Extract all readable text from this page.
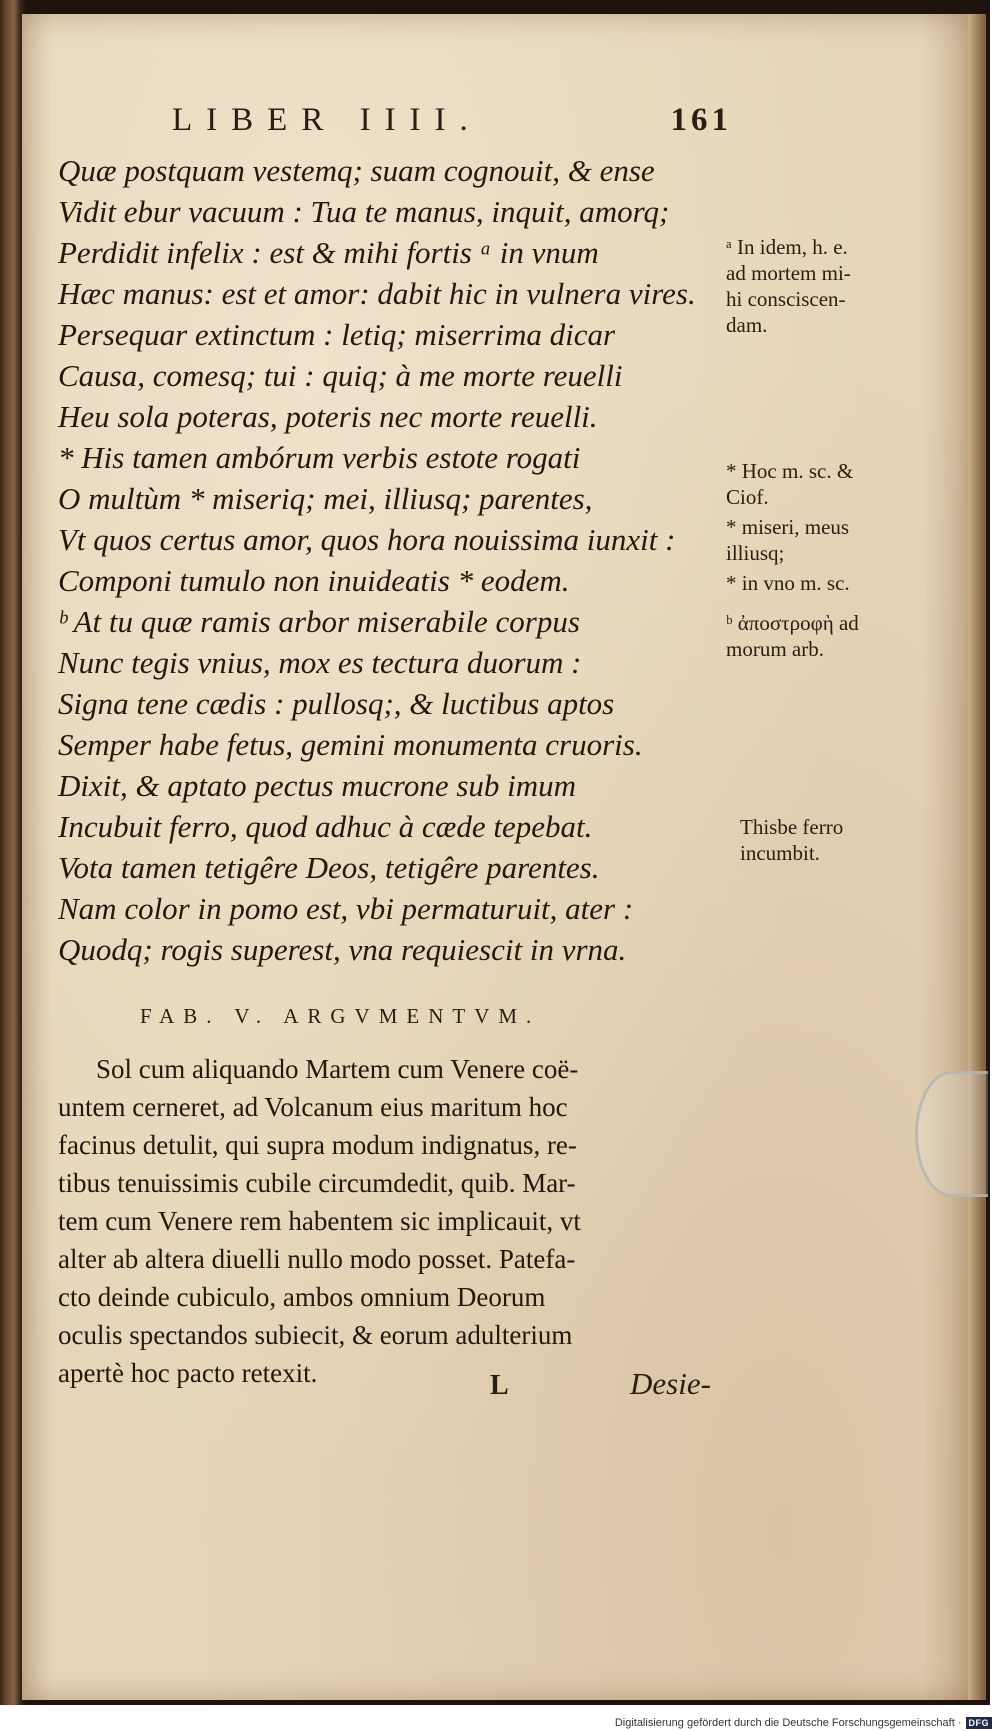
LIBER IIII.	161
Quæ postquam vestemq; suam cognouit, & ense
Vidit ebur vacuum : Tua te manus, inquit, amorq;
Perdidit infelix : est & mihi fortis ᵃ in vnum
Hæc manus: est et amor: dabit hic in vulnera vires.
Persequar extinctum : letiq; miserrima dicar
Causa, comesq; tui : quiq; à me morte reuelli
Heu sola poteras, poteris nec morte reuelli.
* His tamen ambórum verbis estote rogati
O multùm * miseriq; mei, illiusq; parentes,
Vt quos certus amor, quos hora nouissima iunxit :
Componi tumulo non inuideatis * eodem.
ᵇ At tu quæ ramis arbor miserabile corpus
Nunc tegis vnius, mox es tectura duorum :
Signa tene cædis : pullosq;, & luctibus aptos
Semper habe fetus, gemini monumenta cruoris.
Dixit, & aptato pectus mucrone sub imum
Incubuit ferro, quod adhuc à cæde tepebat.
Vota tamen tetigêre Deos, tetigêre parentes.
Nam color in pomo est, vbi permaturuit, ater :
Quodq; rogis superest, vna requiescit in vrna.
ᵃ In idem, h. e.
ad mortem mi-
hi consciscen-
dam.
* Hoc m. sc. &
Ciof.
* miseri, meus
illiusq;
* in vno m. sc.
ᵇ ἀποστροφὴ ad
morum arb.
Thisbe ferro
incumbit.
FAB. V. ARGVMENTVM.
Sol cum aliquando Martem cum Venere coë-
untem cerneret, ad Volcanum eius maritum hoc
facinus detulit, qui supra modum indignatus, re-
tibus tenuissimis cubile circumdedit, quib. Mar-
tem cum Venere rem habentem sic implicauit, vt
alter ab altera diuelli nullo modo posset. Patefa-
cto deinde cubiculo, ambos omnium Deorum
oculis spectandos subiecit, & eorum adulterium
apertè hoc pacto retexit.	L	Desie-
Digitalisierung gefördert durch die Deutsche Forschungsgemeinschaft · DFG
